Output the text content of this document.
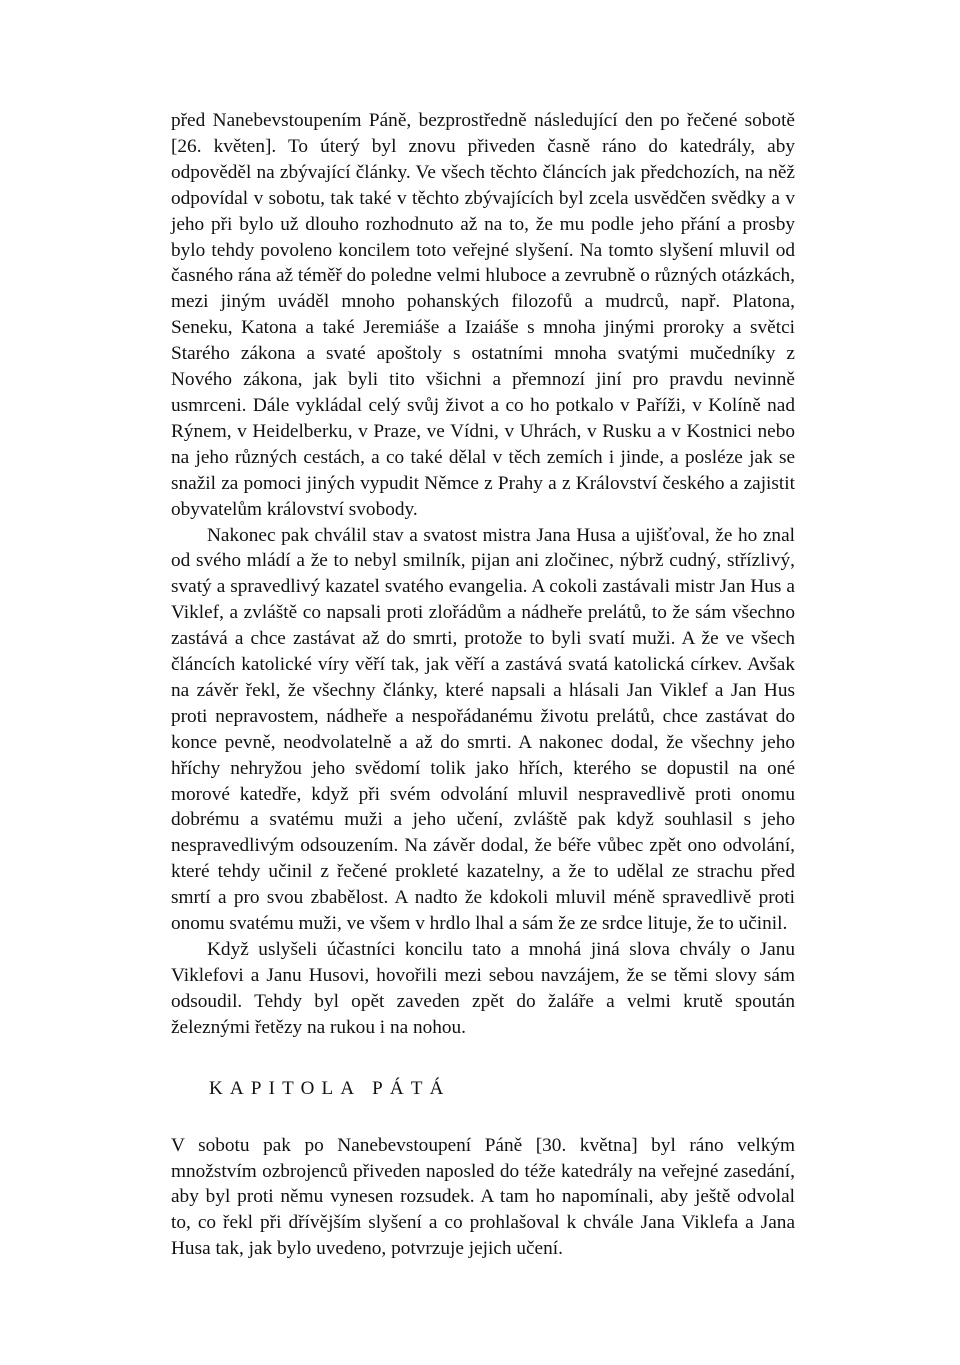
před Nanebevstoupením Páně, bezprostředně následující den po řečené sobotě [26. květen]. To úterý byl znovu přiveden časně ráno do katedrály, aby odpověděl na zbývající články. Ve všech těchto článcích jak předchozích, na něž odpovídal v sobotu, tak také v těchto zbývajících byl zcela usvědčen svědky a v jeho při bylo už dlouho rozhodnuto až na to, že mu podle jeho přání a prosby bylo tehdy povoleno koncilem toto veřejné slyšení. Na tomto slyšení mluvil od časného rána až téměř do poledne velmi hluboce a zevrubně o různých otázkách, mezi jiným uváděl mnoho pohanských filozofů a mudrců, např. Platona, Seneku, Katona a také Jeremiáše a Izaiáše s mnoha jinými proroky a světci Starého zákona a svaté apoštoly s ostatními mnoha svatými mučedníky z Nového zákona, jak byli tito všichni a přemnozí jiní pro pravdu nevinně usmrceni. Dále vykládal celý svůj život a co ho potkalo v Paříži, v Kolíně nad Rýnem, v Heidelberku, v Praze, ve Vídni, v Uhrách, v Rusku a v Kostnici nebo na jeho různých cestách, a co také dělal v těch zemích i jinde, a posléze jak se snažil za pomoci jiných vypudit Němce z Prahy a z Království českého a zajistit obyvatelům království svobody.

Nakonec pak chválil stav a svatost mistra Jana Husa a ujišťoval, že ho znal od svého mládí a že to nebyl smilník, pijan ani zločinec, nýbrž cudný, střízlivý, svatý a spravedlivý kazatel svatého evangelia. A cokoli zastávali mistr Jan Hus a Viklef, a zvláště co napsali proti zlořádům a nádheře prelátů, to že sám všechno zastává a chce zastávat až do smrti, protože to byli svatí muži. A že ve všech článcích katolické víry věří tak, jak věří a zastává svatá katolická církev. Avšak na závěr řekl, že všechny články, které napsali a hlásali Jan Viklef a Jan Hus proti nepravostem, nádheře a nespořádanému životu prelátů, chce zastávat do konce pevně, neodvolatelně a až do smrti. A nakonec dodal, že všechny jeho hříchy nehryžou jeho svědomí tolik jako hřích, kterého se dopustil na oné morové katedře, když při svém odvolání mluvil nespravedlivě proti onomu dobrému a svatému muži a jeho učení, zvláště pak když souhlasil s jeho nespravedlivým odsouzením. Na závěr dodal, že béře vůbec zpět ono odvolání, které tehdy učinil z řečené prokleté kazatelny, a že to udělal ze strachu před smrtí a pro svou zbabělost. A nadto že kdokoli mluvil méně spravedlivě proti onomu svatému muži, ve všem v hrdlo lhal a sám že ze srdce lituje, že to učinil.

Když uslyšeli účastníci koncilu tato a mnohá jiná slova chvály o Janu Viklefovi a Janu Husovi, hovořili mezi sebou navzájem, že se těmi slovy sám odsoudil. Tehdy byl opět zaveden zpět do žaláře a velmi krutě spoután železnými řetězy na rukou i na nohou.

KAPITOLA PÁTÁ

V sobotu pak po Nanebevstoupení Páně [30. května] byl ráno velkým množstvím ozbrojenců přiveden naposled do téže katedrály na veřejné zasedání, aby byl proti němu vynesen rozsudek. A tam ho napomínali, aby ještě odvolal to, co řekl při dřívějším slyšení a co prohlašoval k chvále Jana Viklefa a Jana Husa tak, jak bylo uvedeno, potvrzuje jejich učení.
